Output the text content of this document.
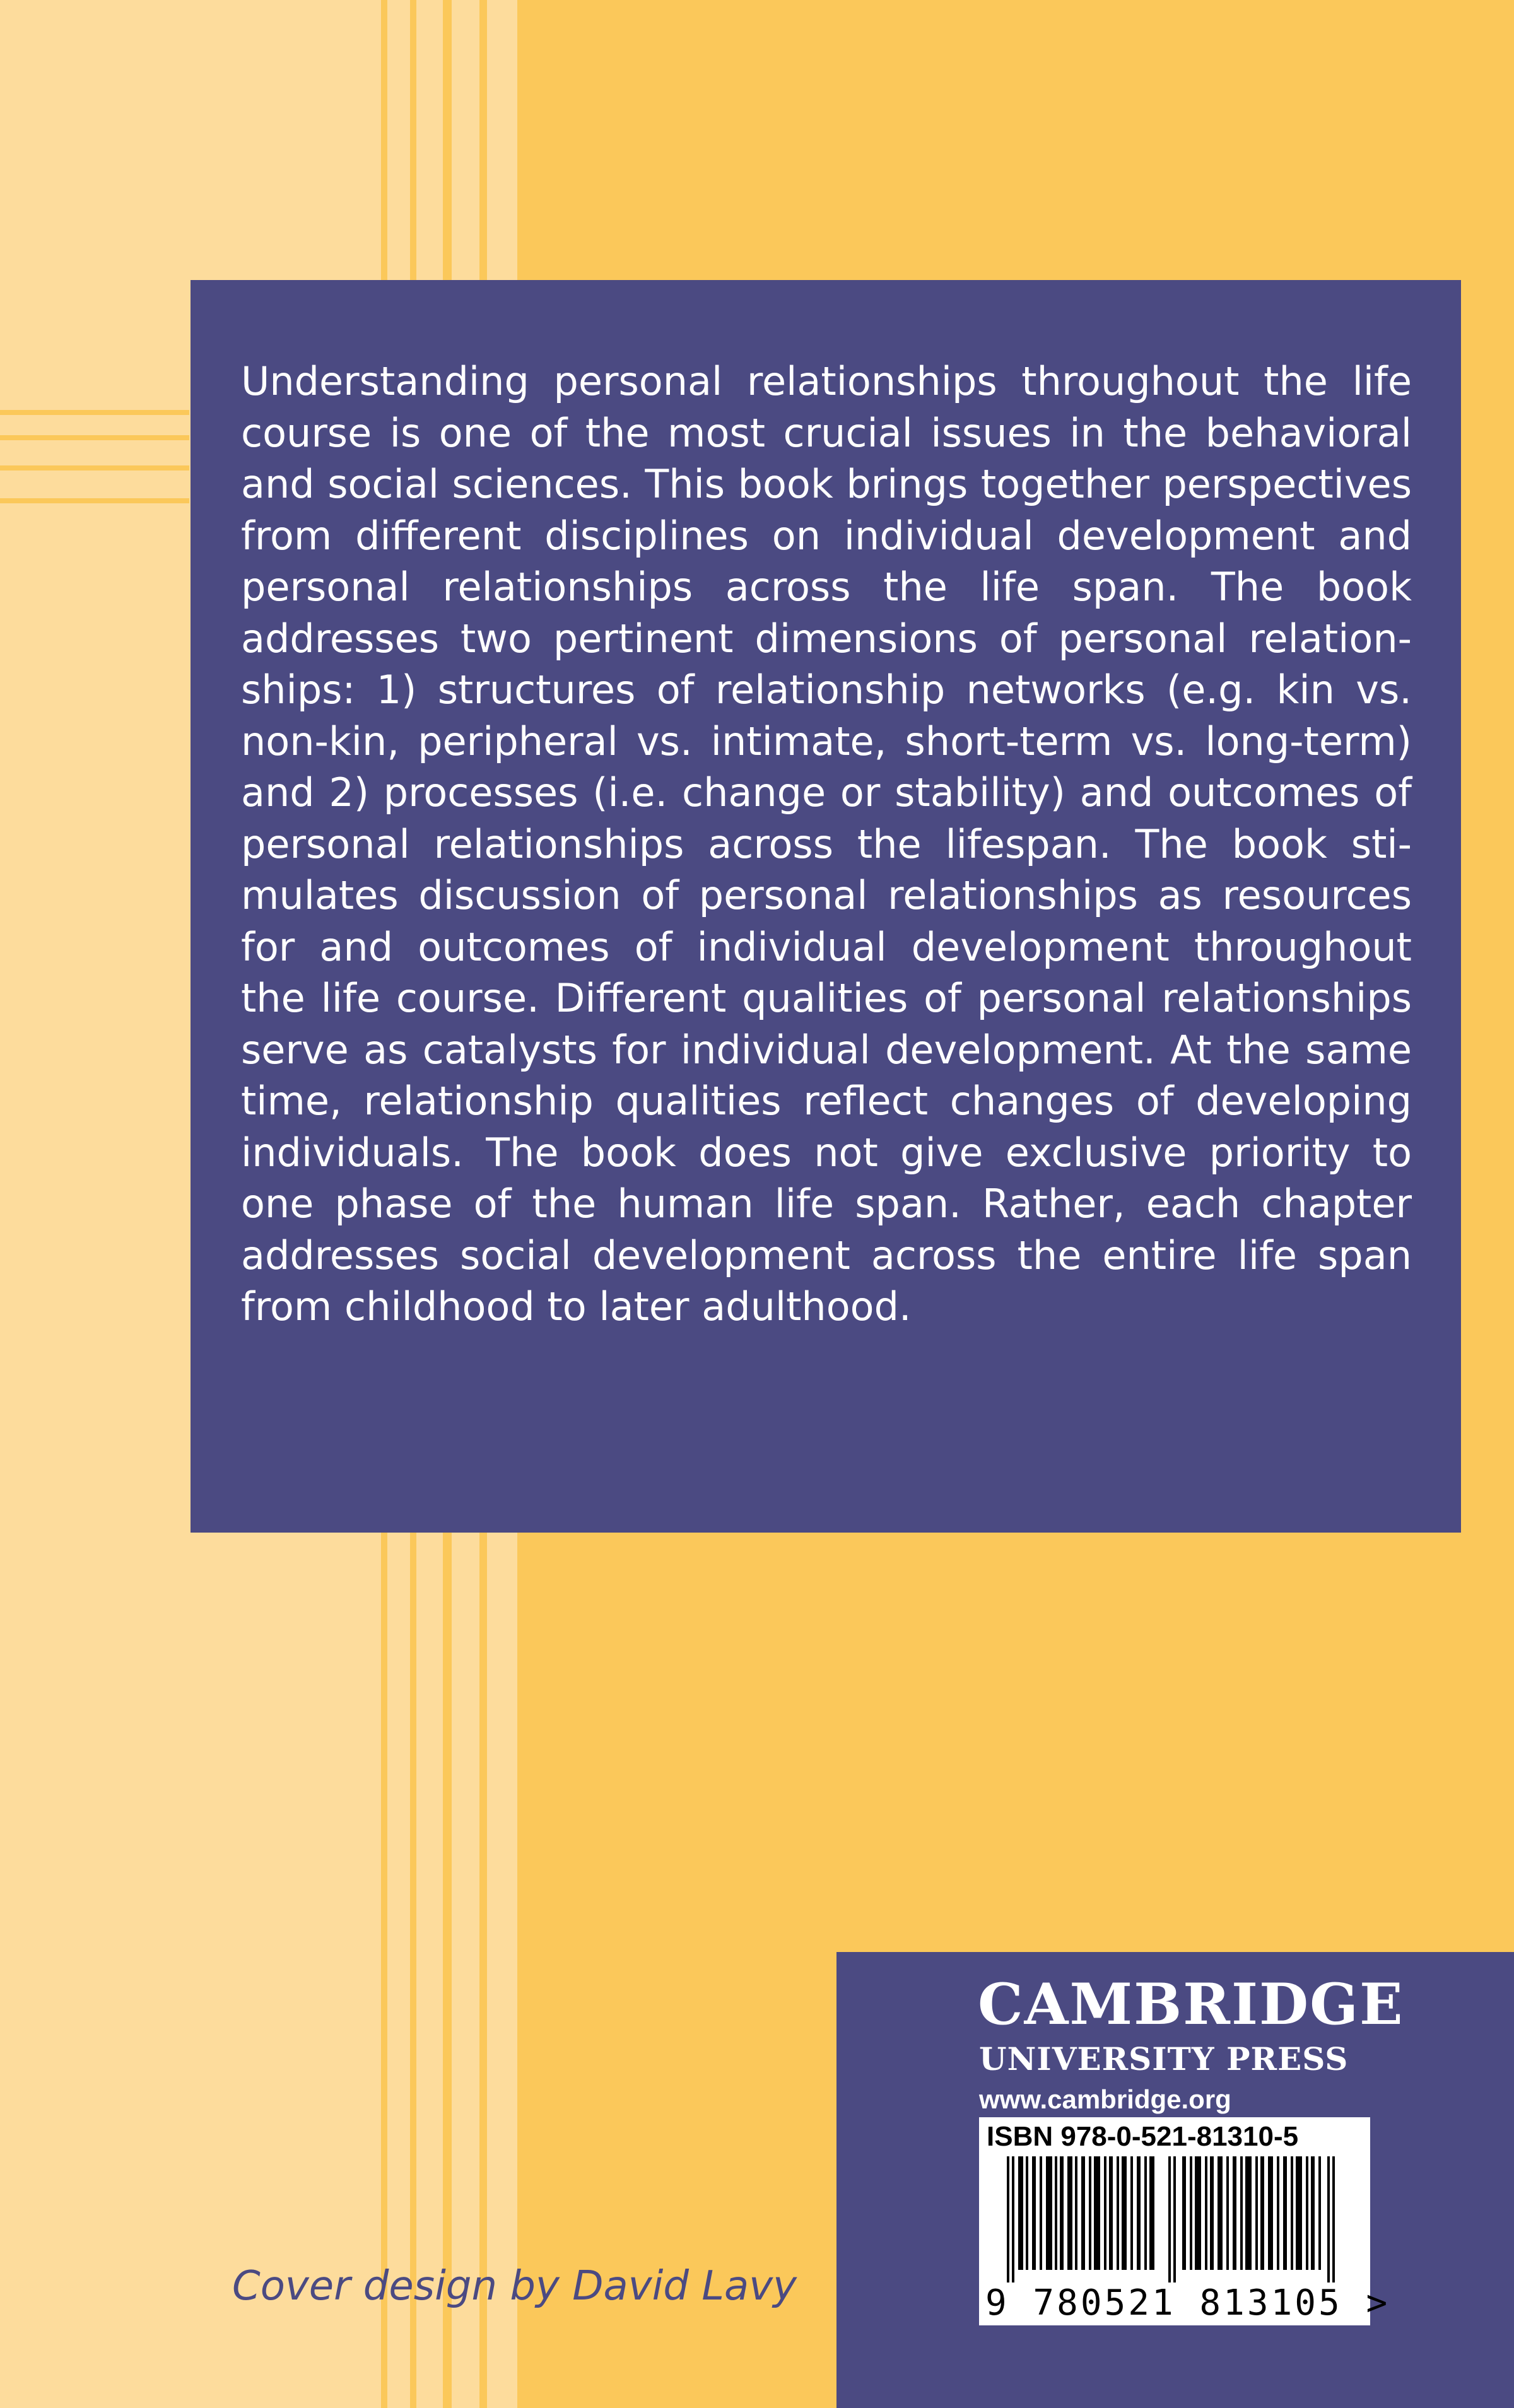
Understanding personal relationships throughout the life course is one of the most crucial issues in the behavioral and social sciences. This book brings together perspectives from different disciplines on individual development and personal relationships across the life span. The book addresses two pertinent dimensions of personal relationships: 1) structures of relationship networks (e.g. kin vs. non-kin, peripheral vs. intimate, short-term vs. long-term) and 2) processes (i.e. change or stability) and outcomes of personal relationships across the lifespan. The book stimulates discussion of personal relationships as resources for and outcomes of individual development throughout the life course. Different qualities of personal relationships serve as catalysts for individual development. At the same time, relationship qualities reflect changes of developing individuals. The book does not give exclusive priority to one phase of the human life span. Rather, each chapter addresses social development across the entire life span from childhood to later adulthood.

Cover design by David Lavy
CAMBRIDGE
UNIVERSITY PRESS
www.cambridge.org
ISBN 978-0-521-81310-5
9 780521 813105 >
